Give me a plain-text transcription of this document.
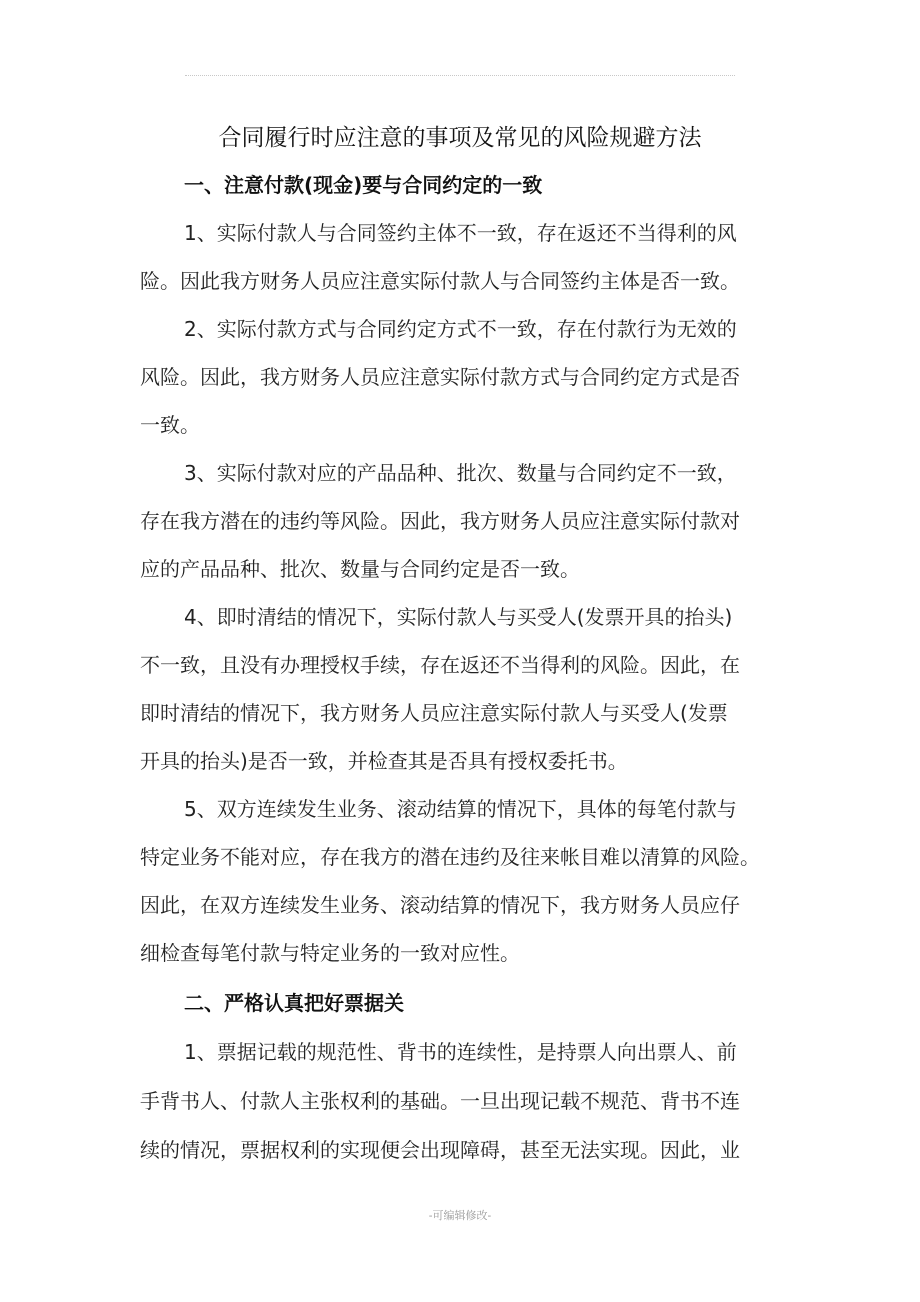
合同履行时应注意的事项及常见的风险规避方法
一、注意付款(现金)要与合同约定的一致
1、实际付款人与合同签约主体不一致，存在返还不当得利的风
险。因此我方财务人员应注意实际付款人与合同签约主体是否一致。
2、实际付款方式与合同约定方式不一致，存在付款行为无效的
风险。因此，我方财务人员应注意实际付款方式与合同约定方式是否
一致。
3、实际付款对应的产品品种、批次、数量与合同约定不一致，
存在我方潜在的违约等风险。因此，我方财务人员应注意实际付款对
应的产品品种、批次、数量与合同约定是否一致。
4、即时清结的情况下，实际付款人与买受人(发票开具的抬头)
不一致，且没有办理授权手续，存在返还不当得利的风险。因此，在
即时清结的情况下，我方财务人员应注意实际付款人与买受人(发票
开具的抬头)是否一致，并检查其是否具有授权委托书。
5、双方连续发生业务、滚动结算的情况下，具体的每笔付款与
特定业务不能对应，存在我方的潜在违约及往来帐目难以清算的风险。
因此，在双方连续发生业务、滚动结算的情况下，我方财务人员应仔
细检查每笔付款与特定业务的一致对应性。
二、严格认真把好票据关
1、票据记载的规范性、背书的连续性，是持票人向出票人、前
手背书人、付款人主张权利的基础。一旦出现记载不规范、背书不连
续的情况，票据权利的实现便会出现障碍，甚至无法实现。因此，业
-可编辑修改-
